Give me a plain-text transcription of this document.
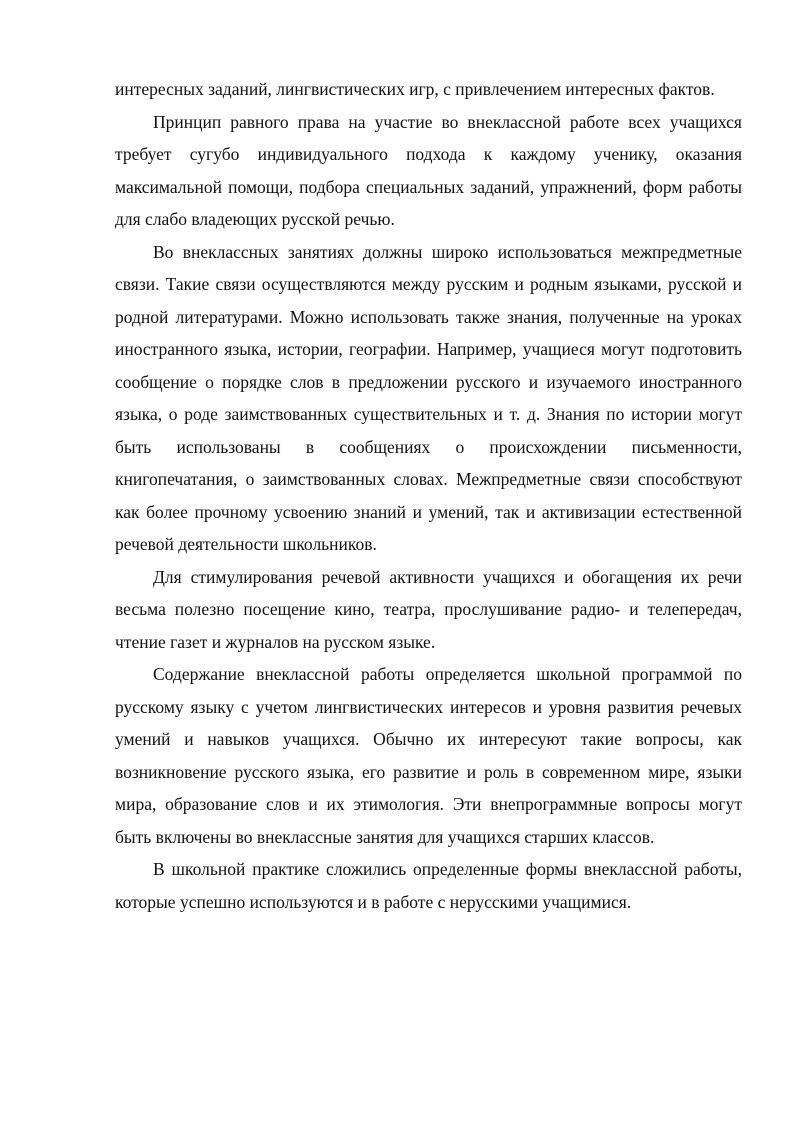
интересных заданий, лингвистических игр, с привлечением интересных фактов.

Принцип равного права на участие во внеклассной работе всех учащихся требует сугубо индивидуального подхода к каждому ученику, оказания максимальной помощи, подбора специальных заданий, упражнений, форм работы для слабо владеющих русской речью.

Во внеклассных занятиях должны широко использоваться межпредметные связи. Такие связи осуществляются между русским и родным языками, русской и родной литературами. Можно использовать также знания, полученные на уроках иностранного языка, истории, географии. Например, учащиеся могут подготовить сообщение о порядке слов в предложении русского и изучаемого иностранного языка, о роде заимствованных существительных и т. д. Знания по истории могут быть использованы в сообщениях о происхождении письменности, книгопечатания, о заимствованных словах. Межпредметные связи способствуют как более прочному усвоению знаний и умений, так и активизации естественной речевой деятельности школьников.

Для стимулирования речевой активности учащихся и обогащения их речи весьма полезно посещение кино, театра, прослушивание радио- и телепередач, чтение газет и журналов на русском языке.

Содержание внеклассной работы определяется школьной программой по русскому языку с учетом лингвистических интересов и уровня развития речевых умений и навыков учащихся. Обычно их интересуют такие вопросы, как возникновение русского языка, его развитие и роль в современном мире, языки мира, образование слов и их этимология. Эти внепрограммные вопросы могут быть включены во внеклассные занятия для учащихся старших классов.

В школьной практике сложились определенные формы внеклассной работы, которые успешно используются и в работе с нерусскими учащимися.
